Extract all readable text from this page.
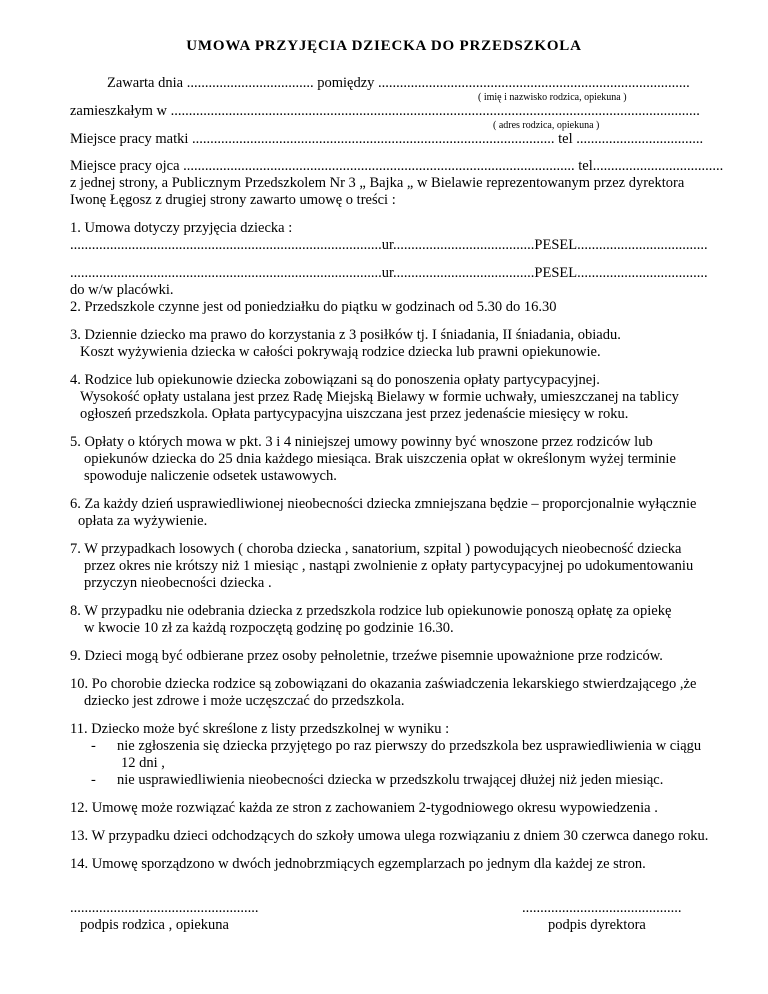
UMOWA PRZYJĘCIA DZIECKA DO PRZEDSZKOLA
Zawarta dnia ................................... pomiędzy ......................................................................................
( imię i nazwisko rodzica, opiekuna )
zamieszkałym w ..................................................................................................................................................
( adres rodzica, opiekuna )
Miejsce pracy matki .................................................................................................... tel ...................................
Miejsce pracy ojca ............................................................................................................ tel....................................
z jednej strony, a Publicznym Przedszkolem Nr 3 „ Bajka „ w Bielawie reprezentowanym przez dyrektora
Iwonę Łęgosz z drugiej strony zawarto umowę o treści :
1. Umowa dotyczy przyjęcia dziecka :
......................................................................................ur.......................................PESEL....................................
......................................................................................ur.......................................PESEL....................................
do w/w placówki.
2. Przedszkole czynne jest od poniedziałku do piątku w godzinach od 5.30 do 16.30
3. Dziennie dziecko ma prawo do korzystania z 3 posiłków tj. I śniadania, II śniadania, obiadu.
Koszt wyżywienia dziecka w całości pokrywają rodzice dziecka lub prawni opiekunowie.
4. Rodzice lub opiekunowie dziecka zobowiązani są do ponoszenia opłaty partycypacyjnej.
Wysokość opłaty ustalana jest przez Radę Miejską Bielawy w formie uchwały, umieszczanej na tablicy
ogłoszeń przedszkola. Opłata partycypacyjna uiszczana jest przez jedenaście miesięcy w roku.
5. Opłaty o których mowa w pkt. 3 i 4 niniejszej umowy powinny być wnoszone przez rodziców lub
opiekunów dziecka do 25 dnia każdego miesiąca. Brak uiszczenia opłat w określonym wyżej terminie
spowoduje naliczenie odsetek ustawowych.
6. Za każdy dzień usprawiedliwionej nieobecności dziecka zmniejszana będzie – proporcjonalnie wyłącznie
opłata za wyżywienie.
7. W przypadkach losowych ( choroba dziecka , sanatorium, szpital ) powodujących nieobecność dziecka
przez okres nie krótszy niż 1 miesiąc , nastąpi zwolnienie z opłaty partycypacyjnej po udokumentowaniu
przyczyn nieobecności dziecka .
8. W przypadku nie odebrania dziecka z przedszkola rodzice lub opiekunowie ponoszą opłatę za opiekę
w kwocie 10 zł za każdą rozpoczętą godzinę po godzinie 16.30.
9. Dzieci mogą być odbierane przez osoby pełnoletnie, trzeźwe pisemnie upoważnione prze rodziców.
10. Po chorobie dziecka rodzice są zobowiązani do okazania zaświadczenia lekarskiego stwierdzającego ,że
dziecko jest zdrowe i może uczęszczać do przedszkola.
11. Dziecko może być skreślone z listy przedszkolnej w wyniku :
- nie zgłoszenia się dziecka przyjętego po raz pierwszy do przedszkola bez usprawiedliwienia w ciągu
12 dni ,
- nie usprawiedliwienia nieobecności dziecka w przedszkolu trwającej dłużej niż jeden miesiąc.
12. Umowę może rozwiązać każda ze stron z zachowaniem 2-tygodniowego okresu wypowiedzenia .
13. W przypadku dzieci odchodzących do szkoły umowa ulega rozwiązaniu z dniem 30 czerwca danego roku.
14. Umowę sporządzono w dwóch jednobrzmiących egzemplarzach po jednym dla każdej ze stron.
....................................................
podpis rodzica , opiekuna
............................................
podpis dyrektora
